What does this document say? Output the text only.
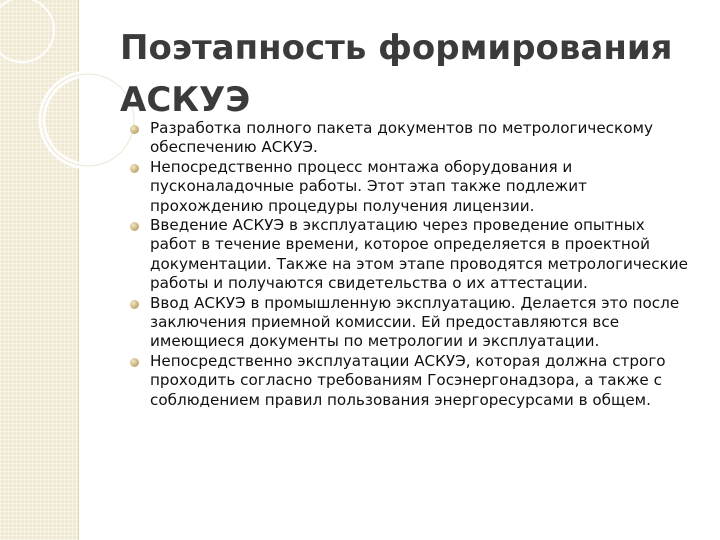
Поэтапность формирования АСКУЭ
Разработка полного пакета документов по метрологическому обеспечению АСКУЭ.
Непосредственно процесс монтажа оборудования и пусконаладочные работы. Этот этап также подлежит прохождению процедуры получения лицензии.
Введение АСКУЭ в эксплуатацию через проведение опытных работ в течение времени, которое определяется в проектной документации. Также на этом этапе проводятся метрологические работы и получаются свидетельства о их аттестации.
Ввод АСКУЭ в промышленную эксплуатацию. Делается это после заключения приемной комиссии. Ей предоставляются все имеющиеся документы по метрологии и эксплуатации.
Непосредственно эксплуатации АСКУЭ, которая должна строго проходить согласно требованиям Госэнергонадзора, а также с соблюдением правил пользования энергоресурсами в общем.
